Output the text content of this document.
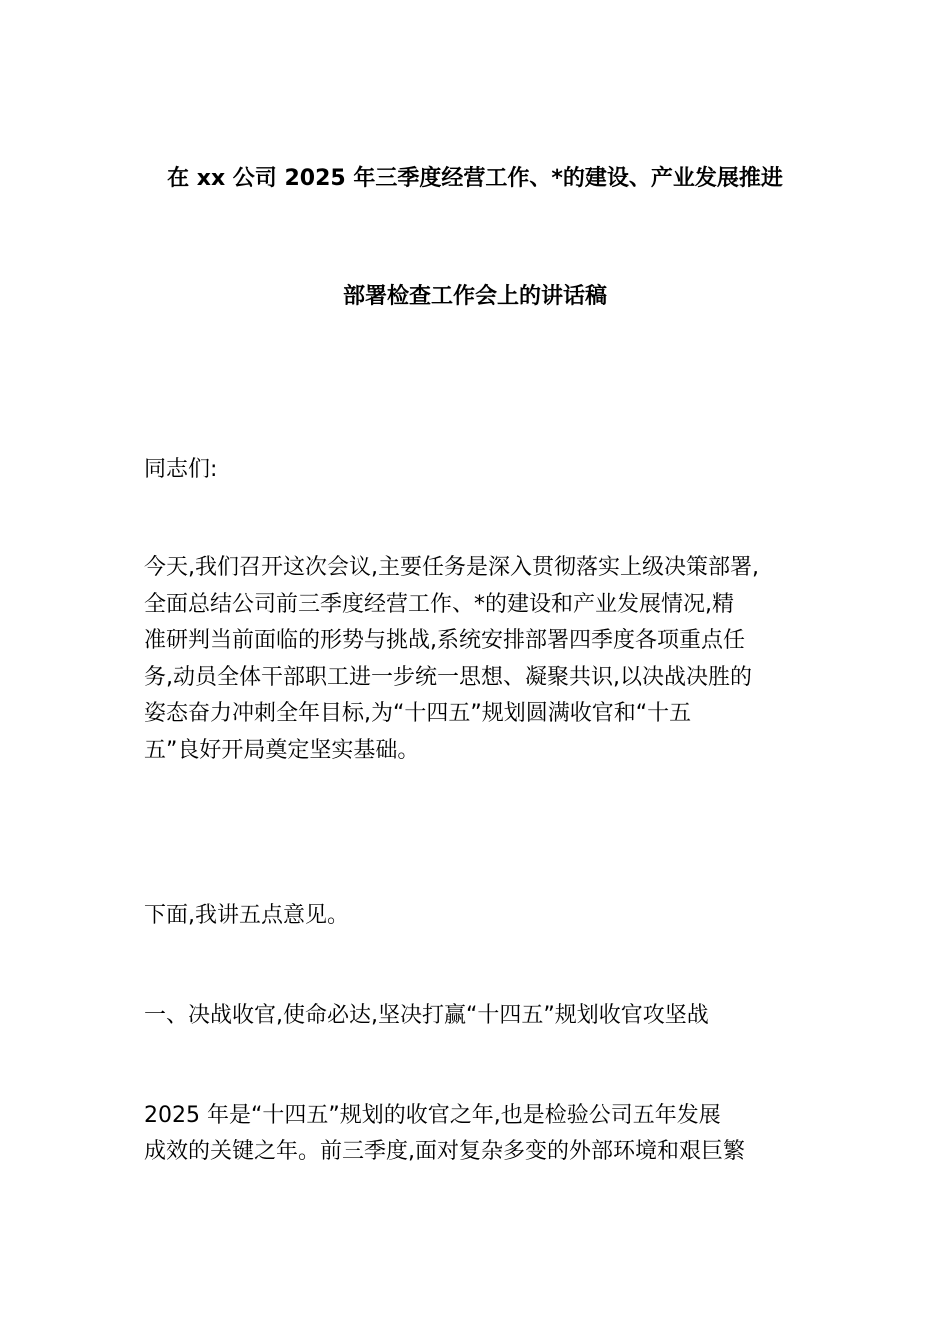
在 xx 公司 2025 年三季度经营工作、*的建设、产业发展推进
部署检查工作会上的讲话稿
同志们:
今天,我们召开这次会议,主要任务是深入贯彻落实上级决策部署,
全面总结公司前三季度经营工作、*的建设和产业发展情况,精
准研判当前面临的形势与挑战,系统安排部署四季度各项重点任
务,动员全体干部职工进一步统一思想、凝聚共识,以决战决胜的
姿态奋力冲刺全年目标,为“十四五”规划圆满收官和“十五
五”良好开局奠定坚实基础。
下面,我讲五点意见。
一、决战收官,使命必达,坚决打赢“十四五”规划收官攻坚战
2025 年是“十四五”规划的收官之年,也是检验公司五年发展
成效的关键之年。前三季度,面对复杂多变的外部环境和艰巨繁
